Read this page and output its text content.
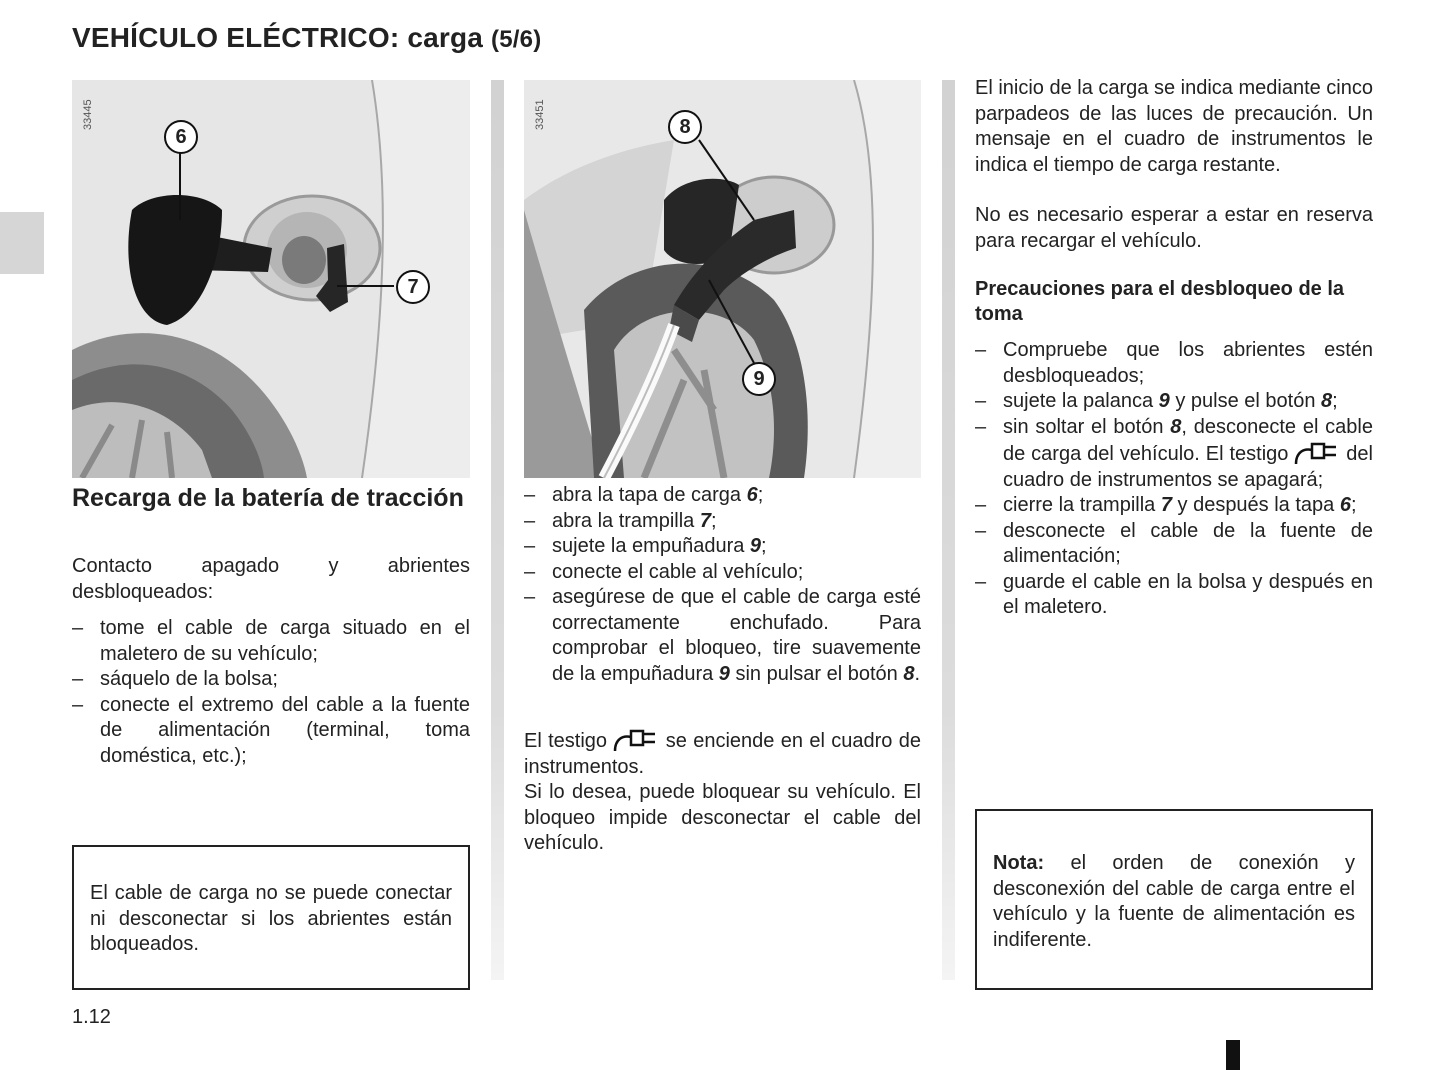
VEHÍCULO ELÉCTRICO: carga (5/6)
33445
6
7
33451	8
9
Recarga de la batería de tracción

Contacto apagado y abrientes desbloqueados:

– tome el cable de carga situado en el maletero de su vehículo;
– sáquelo de la bolsa;
– conecte el extremo del cable a la fuente de alimentación (terminal, toma doméstica, etc.);

El cable de carga no se puede conectar ni desconectar si los abrientes están bloqueados.

– abra la tapa de carga 6;
– abra la trampilla 7;
– sujete la empuñadura 9;
– conecte el cable al vehículo;
– asegúrese de que el cable de carga esté correctamente enchufado. Para comprobar el bloqueo, tire suavemente de la empuñadura 9 sin pulsar el botón 8.

El testigo	se enciende en el cuadro de instrumentos.
Si lo desea, puede bloquear su vehículo. El bloqueo impide desconectar el cable del vehículo.

El inicio de la carga se indica mediante cinco parpadeos de las luces de precaución. Un mensaje en el cuadro de instrumentos le indica el tiempo de carga restante.

No es necesario esperar a estar en reserva para recargar el vehículo.

Precauciones para el desbloqueo de la toma
– Compruebe que los abrientes estén desbloqueados;
– sujete la palanca 9 y pulse el botón 8;
– sin soltar el botón 8, desconecte el cable de carga del vehículo. El testigo	del cuadro de instrumentos se apagará;
– cierre la trampilla 7 y después la tapa 6;
– desconecte el cable de la fuente de alimentación;
– guarde el cable en la bolsa y después en el maletero.

Nota: el orden de conexión y desconexión del cable de carga entre el vehículo y la fuente de alimentación es indiferente.

1.12
